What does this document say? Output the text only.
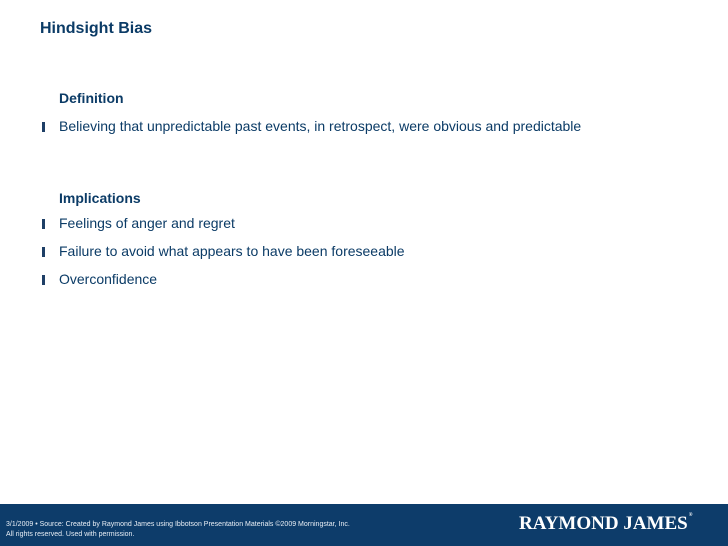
Hindsight Bias
Definition
Believing that unpredictable past events, in retrospect, were obvious and predictable
Implications
Feelings of anger and regret
Failure to avoid what appears to have been foreseeable
Overconfidence
3/1/2009 • Source: Created by Raymond James using Ibbotson Presentation Materials ©2009 Morningstar, Inc.
All rights reserved. Used with permission.
RAYMOND JAMES®
